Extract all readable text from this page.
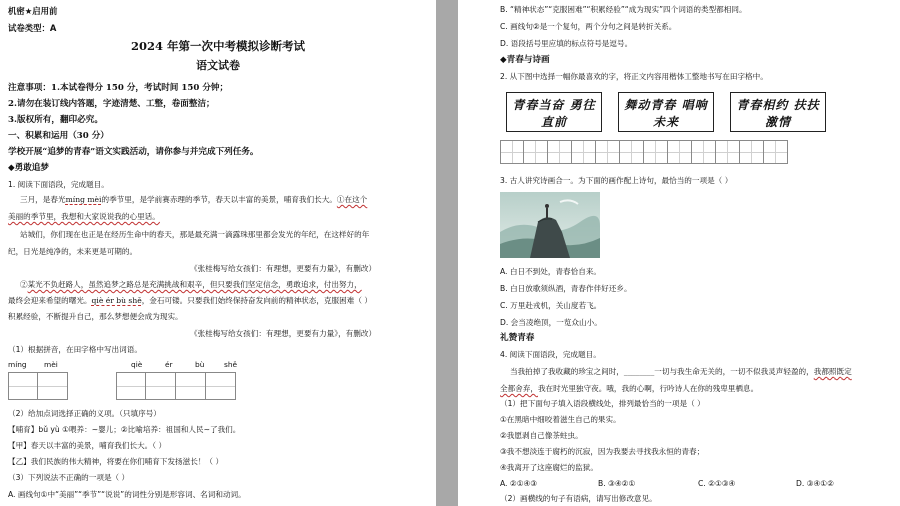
机密★启用前
试卷类型：A
2024 年第一次中考模拟诊断考试
语文试卷
注意事项：1.本试卷得分 150 分，考试时间 150 分钟；
2.请勿在装订线内答题，字迹清楚、工整，卷面整洁；
3.版权所有，翻印必究。
一、积累和运用（30 分）
学校开展“追梦的青春”语文实践活动，请你参与并完成下列任务。
◆勇敢追梦
1. 阅读下面语段，完成题目。
三月，是春光míng mèi的季节里，是学前赛赤理的季节，春天以丰富的美景，哺育我们长大。①在这个
美丽的季节里，我想和大家说说我的心里话。
站城们，你们现在也正是在经历生命中的春天，那是最充满一滴露珠那里都会发光的年纪，在这样好的年
纪，日光是纯净的，未来更是可期的。
《张桂梅写给女孩们：有理想，更要有力量》，有删改）
②某光不负赶路人，虽然追梦之路总是充满挑战和艰辛，但只要我们坚定信念，勇敢追求，付出努力，
最终会迎来希望的曙光。qiè ér bù shě，金石可镂。只要我们始终保持奋发向前的精神状态，克服困难（ ）
积累经验，不断提升自己，那么梦想便会成为现实。
《张桂梅写给女孩们：有理想，更要有力量》，有删改）
（1）根据拼音，在田字格中写出词语。
míng mèi	qiè	ér	bù	shě
（2）给加点词选择正确的义项。（只填序号）
【哺育】bǔ yù ①喂养：~婴儿；②比喻培养：祖国和人民~了我们。
【甲】春天以丰富的美景，哺育我们长大。（ ）
【乙】我们民族的伟大精神，将要在你们哺育下发扬滋长！（ ）
（3）下列说法不正确的一项是（ ）
A. 画线句①中“美丽”“季节”“说说”的词性分别是形容词、名词和动词。
B. “精神状态”“克服困难”“积累经验”“成为现实”四个词语的类型都相同。
C. 画线句②是一个复句，两个分句之间是转折关系。
D. 语段括号里应填的标点符号是逗号。
◆青春与诗画
2. 从下图中选择一幅你最喜欢的字，将正文内容用楷体工整地书写在田字格中。
青春当奋 勇往直前
舞动青春 唱响未来
青春相约 扶扶激情
3. 古人讲究诗画合一。为下面的画作配上诗句，最恰当的一项是（ ）
A. 白日不到处，青春恰自来。
B. 白日放歌须纵酒，青春作伴好还乡。
C. 万里赴戎机，关山度若飞。
D. 会当凌绝顶，一览众山小。
礼赞青春
4. 阅读下面语段，完成题目。
当我拍掉了我收藏的珍宝之间时，________一切与我生命无关的，一切不似我灵声轻盈的，我都照既定
全都舍弃，我在时光里独守夜。哦，我的心啊，行吟诗人在你的残卑里栖息。
（1）把下面句子填入语段横线处，排列最恰当的一项是（ ）
①在黑暗中细咬着滋生自己的果实。
②我愿剥自己像茶蛀虫。
③我不想淡连于腐朽的沉寂，因为我要去寻找我永恒的青春；
④我离开了这座腐烂的监狱。
A. ②①④③	B. ③④②①	C. ②①③④	D. ③④①②
（2）画横线的句子有语病，请写出修改意见。
